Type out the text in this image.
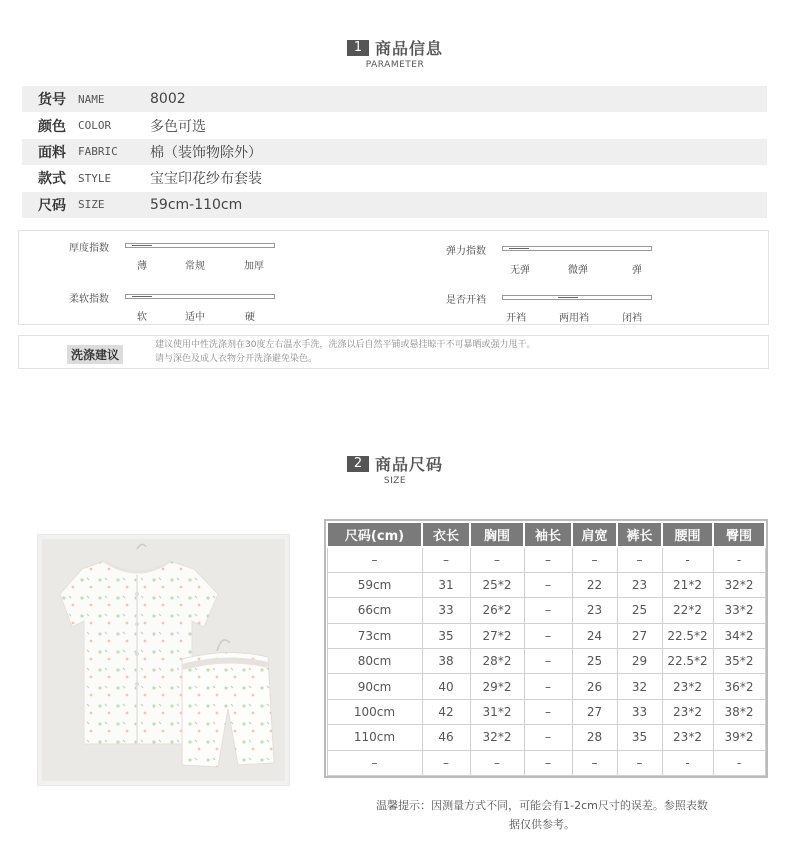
1 商品信息
PARAMETER
货号 NAME	8002
颜色 COLOR	多色可选
面料 FABRIC	棉（装饰物除外）
款式 STYLE	宝宝印花纱布套装
尺码 SIZE	59cm-110cm
厚度指数
薄	常规	加厚
弹力指数
无弹	微弹	弹
柔软指数
软	适中	硬
是否开裆
开裆	两用裆	闭裆
洗涤建议
建议使用中性洗涤剂在30度左右温水手洗，洗涤以后自然平铺或悬挂晾干不可暴晒或强力甩干。
请与深色及成人衣物分开洗涤避免染色。
2 商品尺码
SIZE
尺码(cm)	衣长	胸围	袖长	肩宽	裤长	腰围	臀围
–	–	–	–	–	–	-	-
59cm	31	25*2	–	22	23	21*2	32*2
66cm	33	26*2	–	23	25	22*2	33*2
73cm	35	27*2	–	24	27	22.5*2	34*2
80cm	38	28*2	–	25	29	22.5*2	35*2
90cm	40	29*2	–	26	32	23*2	36*2
100cm	42	31*2	–	27	33	23*2	38*2
110cm	46	32*2	–	28	35	23*2	39*2
–	–	–	–	–	–	-	-
温馨提示：因测量方式不同，可能会有1-2cm尺寸的误差。参照表数
据仅供参考。
